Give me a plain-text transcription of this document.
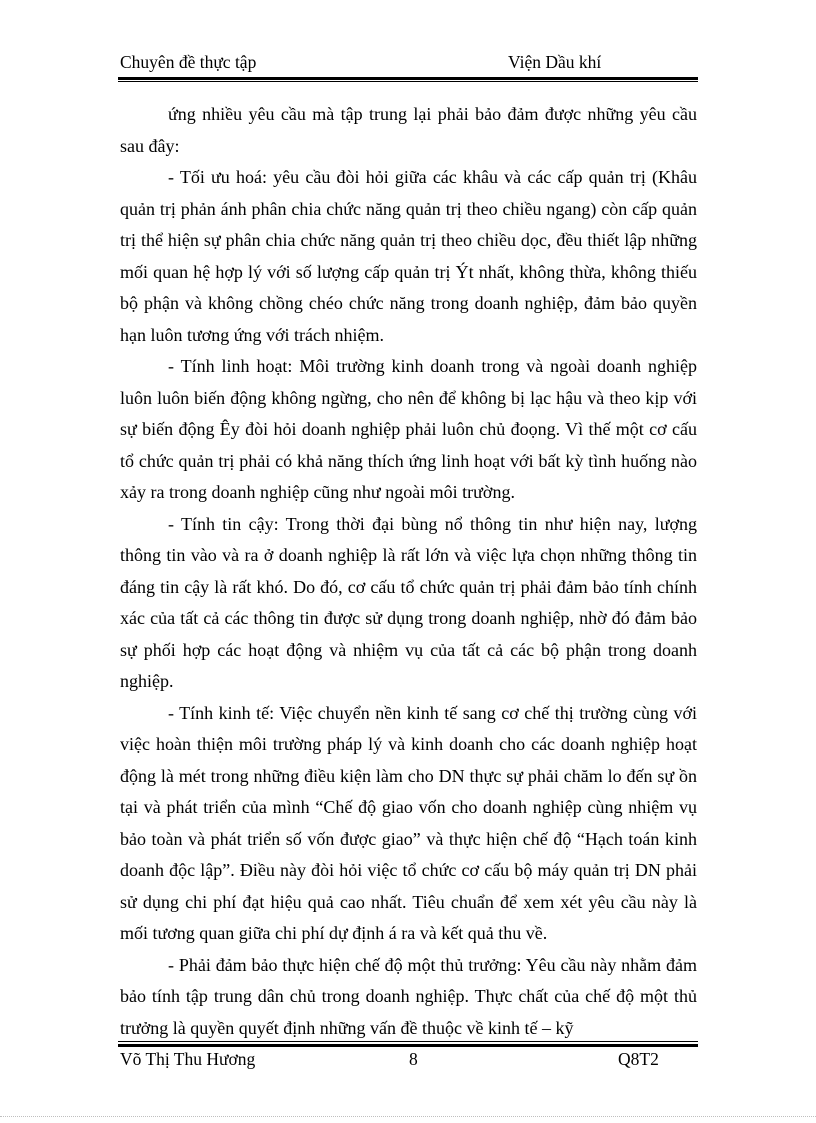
Chuyên đề thực tập	Viện Dầu khí

ứng nhiều yêu cầu mà tập trung lại phải bảo đảm được những yêu cầu sau đây:

- Tối ưu hoá: yêu cầu đòi hỏi giữa các khâu và các cấp quản trị (Khâu quản trị phản ánh phân chia chức năng quản trị theo chiều ngang) còn cấp quản trị thể hiện sự phân chia chức năng quản trị theo chiều dọc, đều thiết lập những mối quan hệ hợp lý với số lượng cấp quản trị Ýt nhất, không thừa, không thiếu bộ phận và không chồng chéo chức năng trong doanh nghiệp, đảm bảo quyền hạn luôn tương ứng với trách nhiệm.

- Tính linh hoạt: Môi trường kinh doanh trong và ngoài doanh nghiệp luôn luôn biến động không ngừng, cho nên để không bị lạc hậu và theo kịp với sự biến động Êy đòi hỏi doanh nghiệp phải luôn chủ đoọng. Vì thế một cơ cấu tổ chức quản trị phải có khả năng thích ứng linh hoạt với bất kỳ tình huống nào xảy ra trong doanh nghiệp cũng như ngoài môi trường.

- Tính tin cậy: Trong thời đại bùng nổ thông tin như hiện nay, lượng thông tin vào và ra ở doanh nghiệp là rất lớn và việc lựa chọn những thông tin đáng tin cậy là rất khó. Do đó, cơ cấu tổ chức quản trị phải đảm bảo tính chính xác của tất cả các thông tin được sử dụng trong doanh nghiệp, nhờ đó đảm bảo sự phối hợp các hoạt động và nhiệm vụ của tất cả các bộ phận trong doanh nghiệp.

- Tính kinh tế: Việc chuyển nền kinh tế sang cơ chế thị trường cùng với việc hoàn thiện môi trường pháp lý và kinh doanh cho các doanh nghiệp hoạt động là mét trong những điều kiện làm cho DN thực sự phải chăm lo đến sự ồn tại và phát triển của mình “Chế độ giao vốn cho doanh nghiệp cùng nhiệm vụ bảo toàn và phát triển số vốn được giao” và thực hiện chế độ “Hạch toán kinh doanh độc lập”. Điều này đòi hỏi việc tổ chức cơ cấu bộ máy quản trị DN phải sử dụng chi phí đạt hiệu quả cao nhất. Tiêu chuẩn để xem xét yêu cầu này là mối tương quan giữa chi phí dự định á ra và kết quả thu về.

- Phải đảm bảo thực hiện chế độ một thủ trưởng: Yêu cầu này nhằm đảm bảo tính tập trung dân chủ trong doanh nghiệp. Thực chất của chế độ một thủ trưởng là quyền quyết định những vấn đề thuộc về kinh tế – kỹ

Võ Thị Thu Hương	8	Q8T2
